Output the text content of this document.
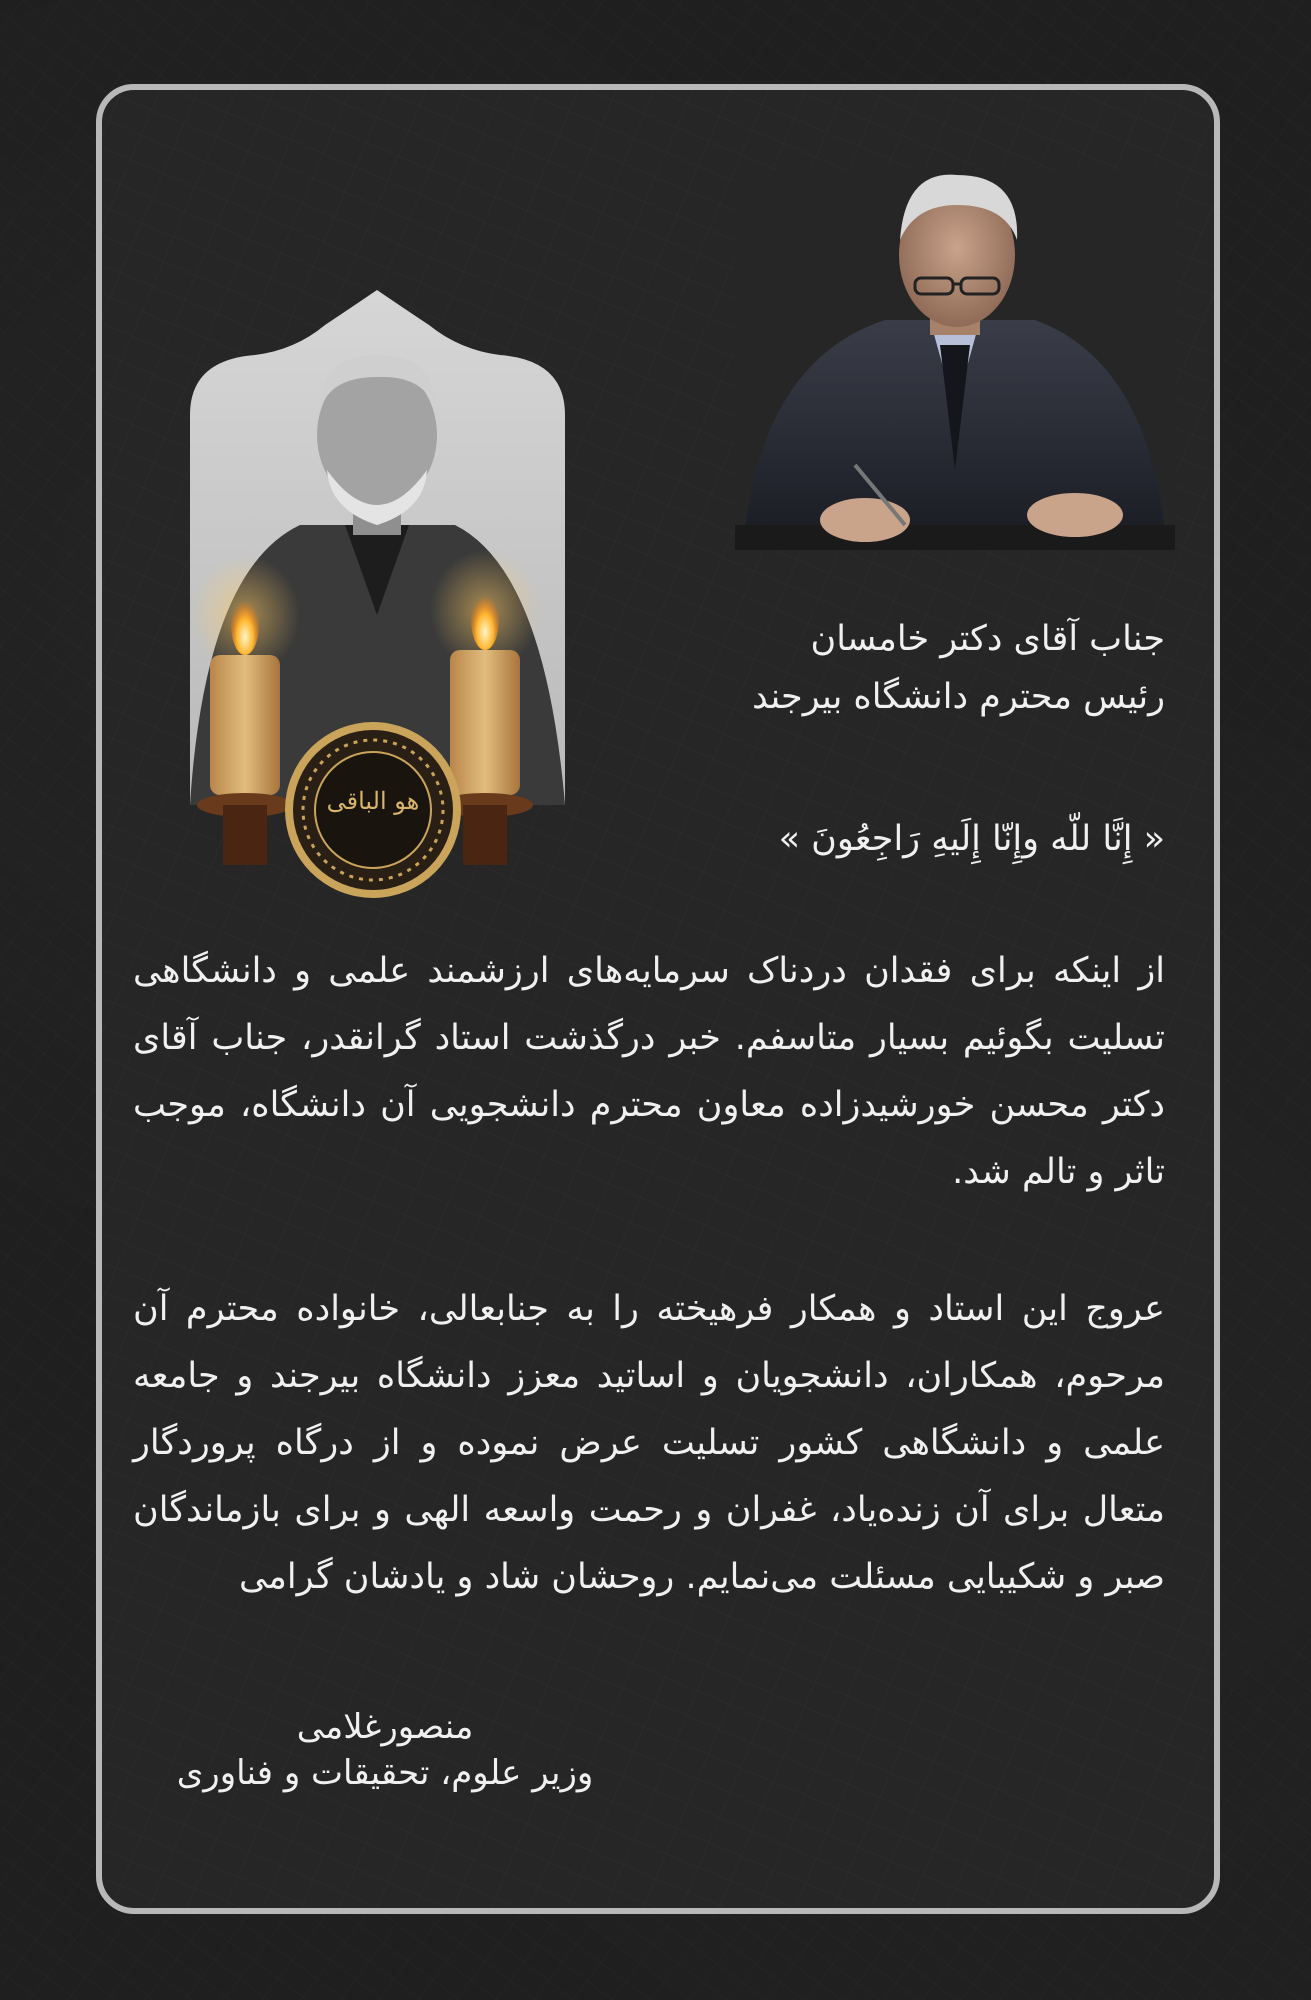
هو الباقی
جناب آقای دکتر خامسان
رئیس محترم دانشگاه بیرجند
« إِنَّا للّه وإِنّا إِلَیهِ رَاجِعُونَ »
از اینکه برای فقدان دردناک سرمایه‌های ارزشمند علمی و دانشگاهی تسلیت بگوئیم بسیار متاسفم. خبر درگذشت استاد گرانقدر، جناب آقای دکتر محسن خورشیدزاده معاون محترم دانشجویی آن دانشگاه، موجب تاثر و تالم شد.
عروج این استاد و همکار فرهیخته را به جنابعالی، خانواده محترم آن مرحوم، همکاران، دانشجویان و اساتید معزز دانشگاه بیرجند و جامعه علمی و دانشگاهی کشور تسلیت عرض نموده و از درگاه پروردگار متعال برای آن زنده‌یاد، غفران و رحمت واسعه الهی و برای بازماندگان صبر و شکیبایی مسئلت می‌نمایم. روحشان شاد و یادشان گرامی
منصورغلامی
وزیر علوم، تحقیقات و فناوری
